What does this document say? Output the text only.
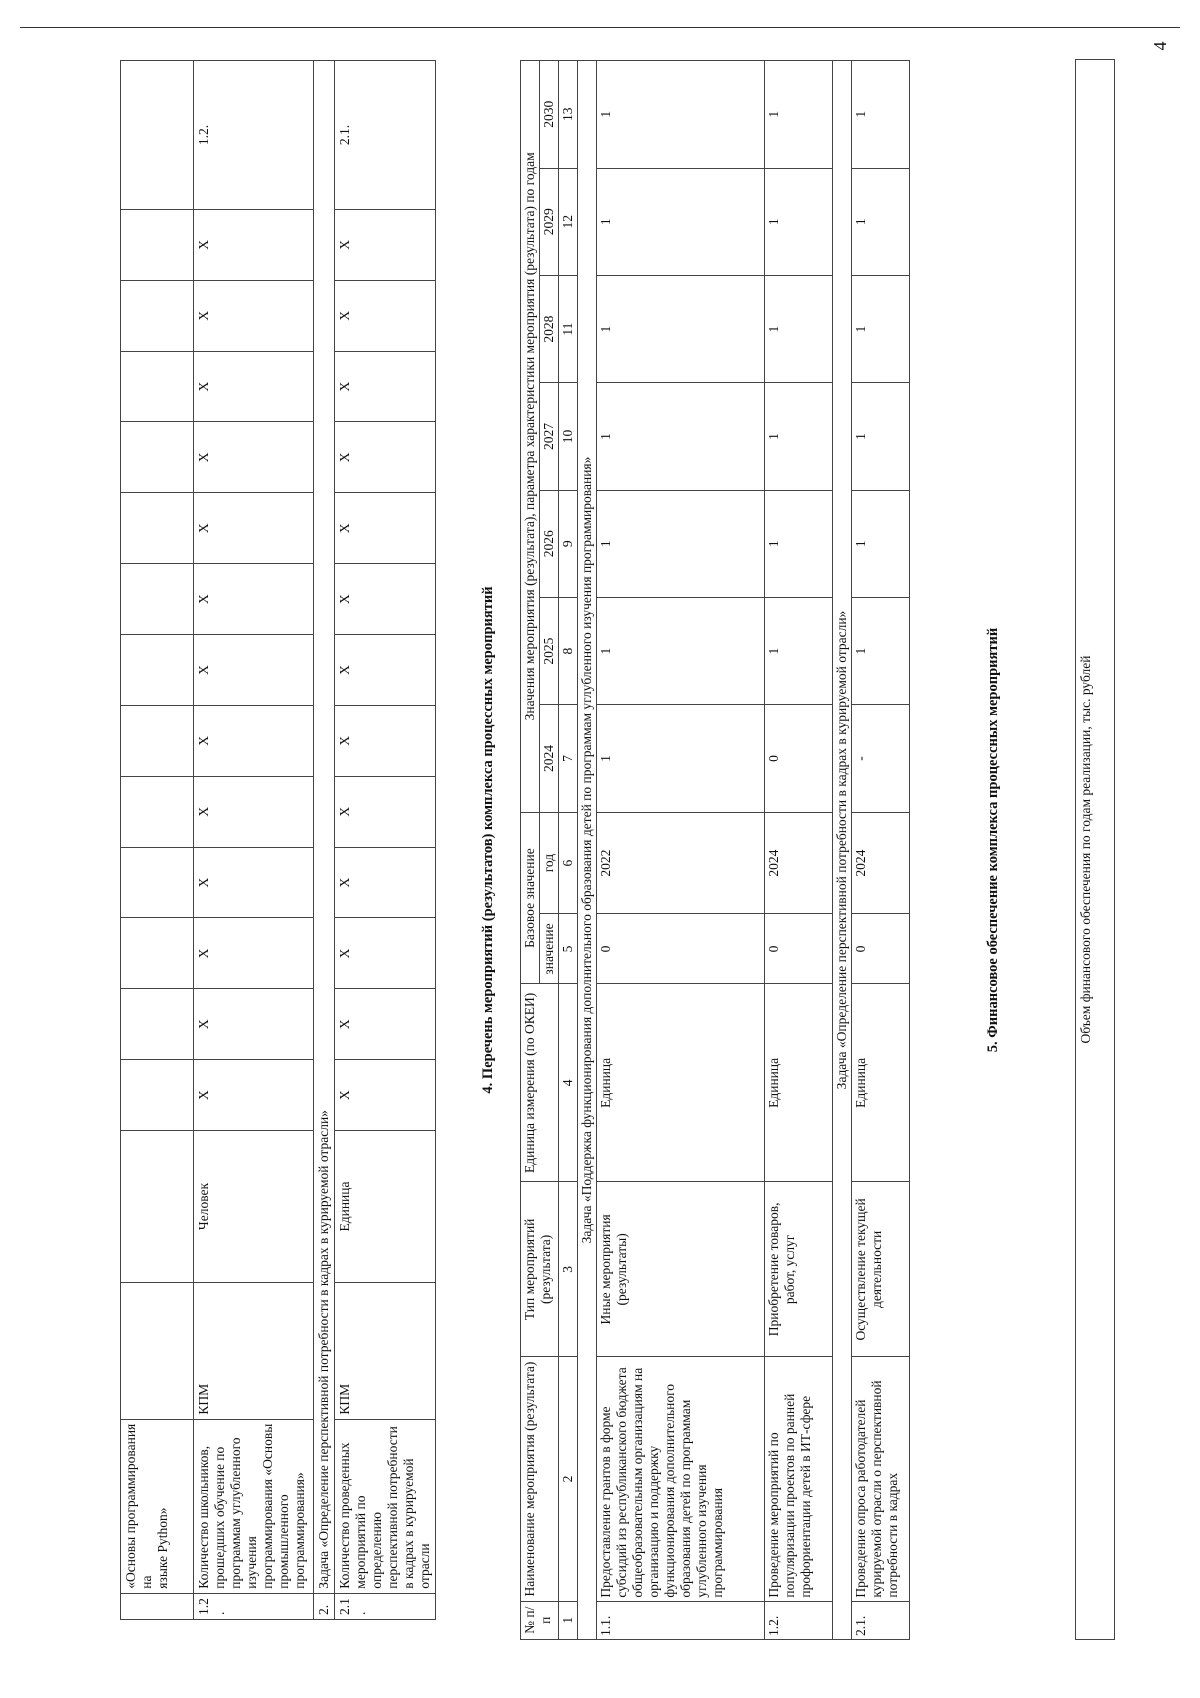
4
	«Основы программирования на
языке Python»																
1.2.	Количество школьников, прошедших обучение по программам углубленного изучения программирования «Основы промышленного программирования»	КПМ	Человек	X	X	X	X	X	X	X	X	X	X	X	X	X	1.2.
2.	Задача «Определение перспективной потребности в кадрах в курируемой отрасли»																
2.1.	Количество проведенных мероприятий по определению перспективной потребности в кадрах в курируемой отрасли	КПМ	Единица	X	X	X	X	X	X	X	X	X	X	X	X	X	2.1.
4. Перечень мероприятий (результатов) комплекса процессных мероприятий
№ п/п	Наименование мероприятия (результата)	Тип мероприятий (результата)	Единица измерения (по ОКЕИ)	Базовое значение		Значения мероприятия (результата), параметра характеристики мероприятия (результата) по годам						
				значение	год	2024	2025	2026	2027	2028	2029	2030
1	2	3	4	5	6	7	8	9	10	11	12	13
Задача «Поддержка функционирования дополнительного образования детей по программам углубленного изучения программирования»												
1.1.	Предоставление грантов в форме субсидий из республиканского бюджета общеобразовательным организациям на организацию и поддержку функционирования дополнительного образования детей по программам углубленного изучения программирования	Иные мероприятия (результаты)	Единица	0	2022	1	1	1	1	1	1	1
1.2.	Проведение мероприятий по популяризации проектов по ранней профориентации детей в ИТ-сфере	Приобретение товаров, работ, услуг	Единица	0	2024	0	1	1	1	1	1	1
Задача «Определение перспективной потребности в кадрах в курируемой отрасли»												
2.1.	Проведение опроса работодателей курируемой отрасли о перспективной потребности в кадрах	Осуществление текущей деятельности	Единица	0	2024	-	1	1	1	1	1	1
5. Финансовое обеспечение комплекса процессных мероприятий	Объем финансового обеспечения по годам реализации, тыс. рублей
